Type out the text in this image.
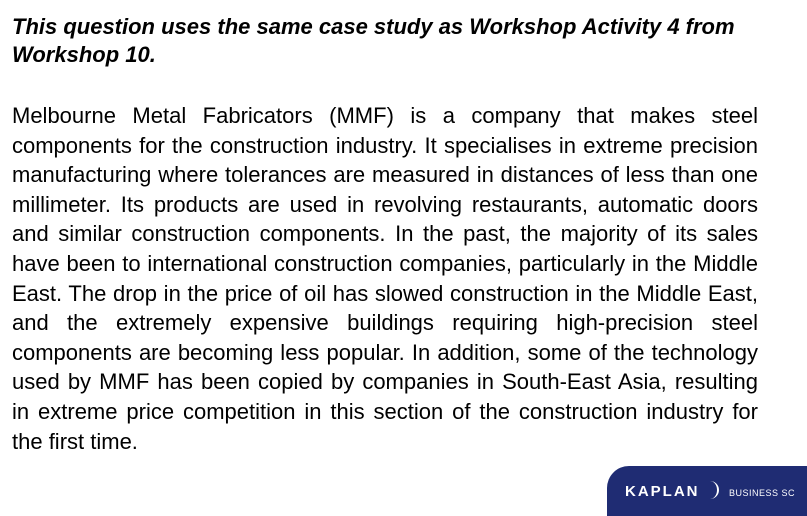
This question uses the same case study as Workshop Activity 4 from Workshop 10.

Melbourne Metal Fabricators (MMF) is a company that makes steel components for the construction industry. It specialises in extreme precision manufacturing where tolerances are measured in distances of less than one millimeter. Its products are used in revolving restaurants, automatic doors and similar construction components. In the past, the majority of its sales have been to international construction companies, particularly in the Middle East. The drop in the price of oil has slowed construction in the Middle East, and the extremely expensive buildings requiring high-precision steel components are becoming less popular. In addition, some of the technology used by MMF has been copied by companies in South-East Asia, resulting in extreme price competition in this section of the construction industry for the first time.

KAPLAN	BUSINESS SC
